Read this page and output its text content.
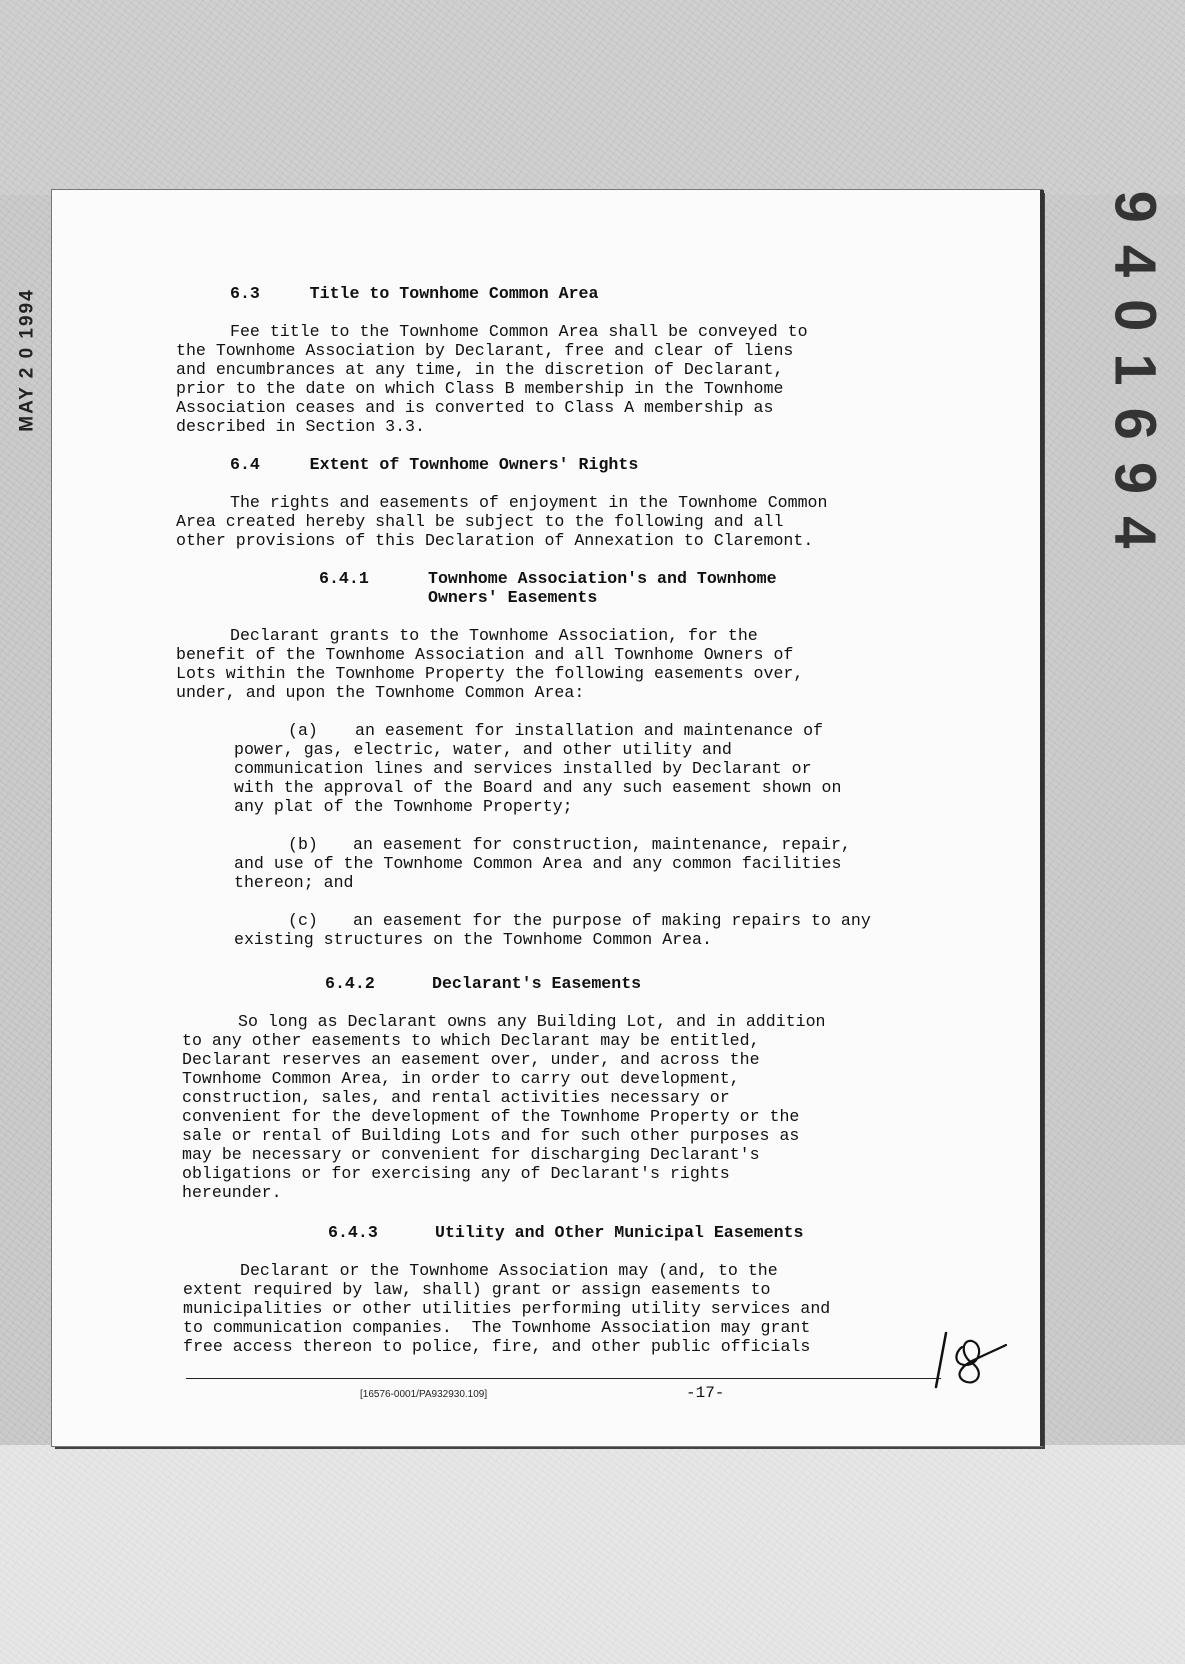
MAY 2 0 1994	9401694
6.3	Title to Townhome Common Area

Fee title to the Townhome Common Area shall be conveyed to

the Townhome Association by Declarant, free and clear of liens

and encumbrances at any time, in the discretion of Declarant,

prior to the date on which Class B membership in the Townhome

Association ceases and is converted to Class A membership as

described in Section 3.3.

6.4	Extent of Townhome Owners' Rights

The rights and easements of enjoyment in the Townhome Common

Area created hereby shall be subject to the following and all

other provisions of this Declaration of Annexation to Claremont.

6.4.1	Townhome Association's and Townhome
Owners' Easements

Declarant grants to the Townhome Association, for the

benefit of the Townhome Association and all Townhome Owners of

Lots within the Townhome Property the following easements over,

under, and upon the Townhome Common Area:

(a) an easement for installation and maintenance of

power, gas, electric, water, and other utility and

communication lines and services installed by Declarant or

with the approval of the Board and any such easement shown on

any plat of the Townhome Property;

(b) an easement for construction, maintenance, repair,

and use of the Townhome Common Area and any common facilities

thereon; and

(c) an easement for the purpose of making repairs to any

existing structures on the Townhome Common Area.

6.4.2	Declarant's Easements

So long as Declarant owns any Building Lot, and in addition

to any other easements to which Declarant may be entitled,

Declarant reserves an easement over, under, and across the

Townhome Common Area, in order to carry out development,

construction, sales, and rental activities necessary or

convenient for the development of the Townhome Property or the

sale or rental of Building Lots and for such other purposes as

may be necessary or convenient for discharging Declarant's

obligations or for exercising any of Declarant's rights

hereunder.

6.4.3	Utility and Other Municipal Easements

Declarant or the Townhome Association may (and, to the

extent required by law, shall) grant or assign easements to

municipalities or other utilities performing utility services and

to communication companies.  The Townhome Association may grant

free access thereon to police, fire, and other public officials

[16576-0001/PA932930.109]	-17-
